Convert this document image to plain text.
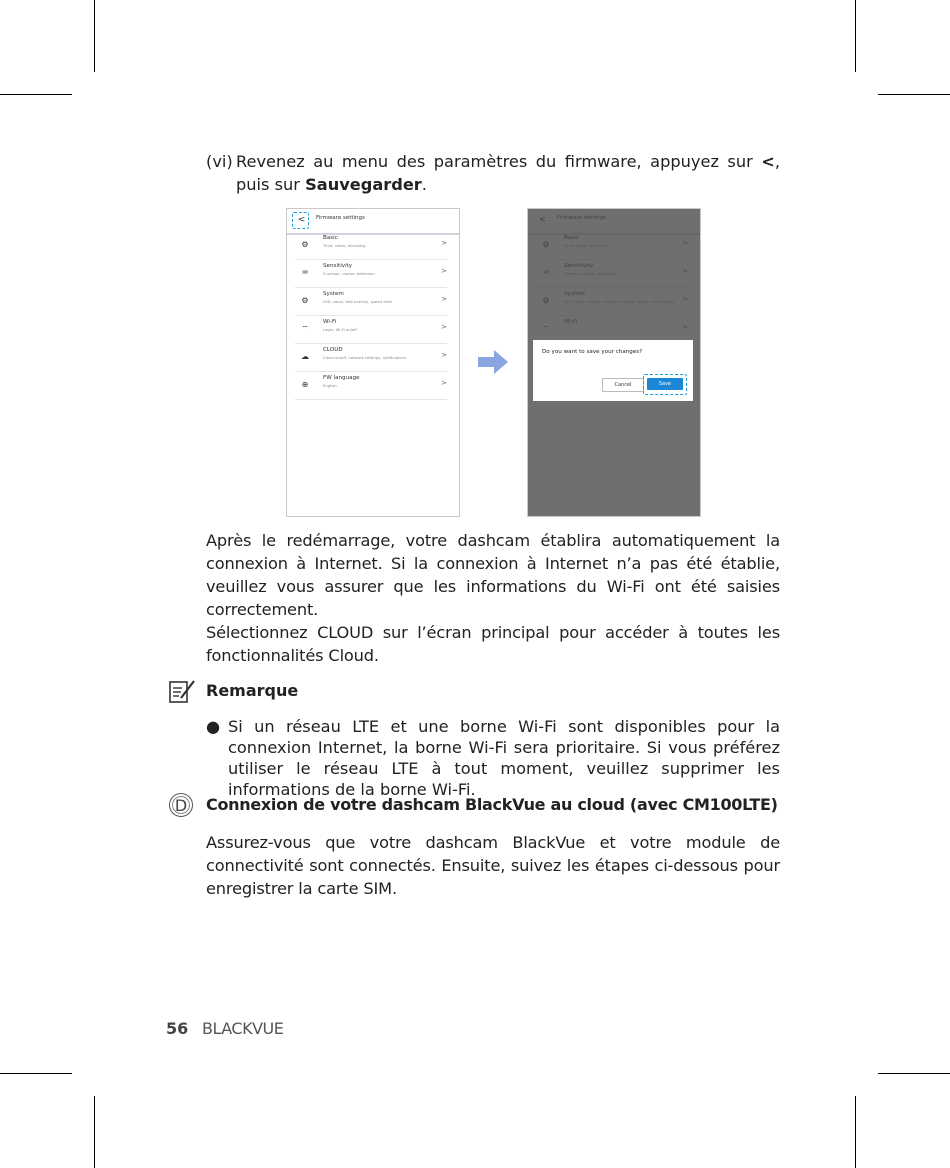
(vi) Revenez au menu des paramètres du firmware, appuyez sur <, puis sur Sauvegarder.
<	Firmware settings
⚙
Basic
Time, video, recording	>
♒
Sensitivity
G-sensor, motion detection	>
⚙
System
LED, voice, text overlay, speed alert	>
⌔
Wi-Fi
Login, Wi-Fi on/off	>
☁
CLOUD
Cloud on/off, network settings, notifications	>
⊕
FW language
English	>
Do you want to save your changes?
Cancel	Save
Après le redémarrage, votre dashcam établira automatiquement la connexion à Internet. Si la connexion à Internet n’a pas été établie, veuillez vous assurer que les informations du Wi-Fi ont été saisies correctement.
Sélectionnez CLOUD sur l’écran principal pour accéder à toutes les fonctionnalités Cloud.
Remarque
● Si un réseau LTE et une borne Wi-Fi sont disponibles pour la connexion Internet, la borne Wi-Fi sera prioritaire. Si vous préférez utiliser le réseau LTE à tout moment, veuillez supprimer les informations de la borne Wi-Fi.
D	Connexion de votre dashcam BlackVue au cloud (avec CM100LTE)
Assurez-vous que votre dashcam BlackVue et votre module de connectivité sont connectés. Ensuite, suivez les étapes ci-dessous pour enregistrer la carte SIM.
56 BLACKVUE
